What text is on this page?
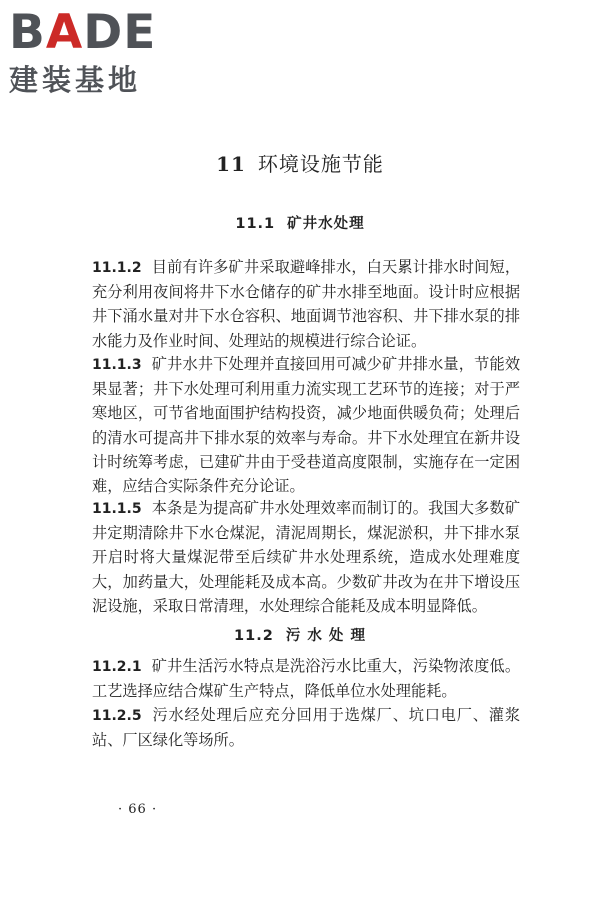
BADE
建装基地
11 环境设施节能
11.1 矿井水处理
11.1.2 目前有许多矿井采取避峰排水，白天累计排水时间短，充分利用夜间将井下水仓储存的矿井水排至地面。设计时应根据井下涌水量对井下水仓容积、地面调节池容积、井下排水泵的排水能力及作业时间、处理站的规模进行综合论证。
11.1.3 矿井水井下处理并直接回用可减少矿井排水量，节能效果显著；井下水处理可利用重力流实现工艺环节的连接；对于严寒地区，可节省地面围护结构投资，减少地面供暖负荷；处理后的清水可提高井下排水泵的效率与寿命。井下水处理宜在新井设计时统筹考虑，已建矿井由于受巷道高度限制，实施存在一定困难，应结合实际条件充分论证。
11.1.5 本条是为提高矿井水处理效率而制订的。我国大多数矿井定期清除井下水仓煤泥，清泥周期长，煤泥淤积，井下排水泵开启时将大量煤泥带至后续矿井水处理系统，造成水处理难度大，加药量大，处理能耗及成本高。少数矿井改为在井下增设压泥设施，采取日常清理，水处理综合能耗及成本明显降低。
11.2 污 水 处 理
11.2.1 矿井生活污水特点是洗浴污水比重大，污染物浓度低。工艺选择应结合煤矿生产特点，降低单位水处理能耗。
11.2.5 污水经处理后应充分回用于选煤厂、坑口电厂、灌浆站、厂区绿化等场所。
· 66 ·
